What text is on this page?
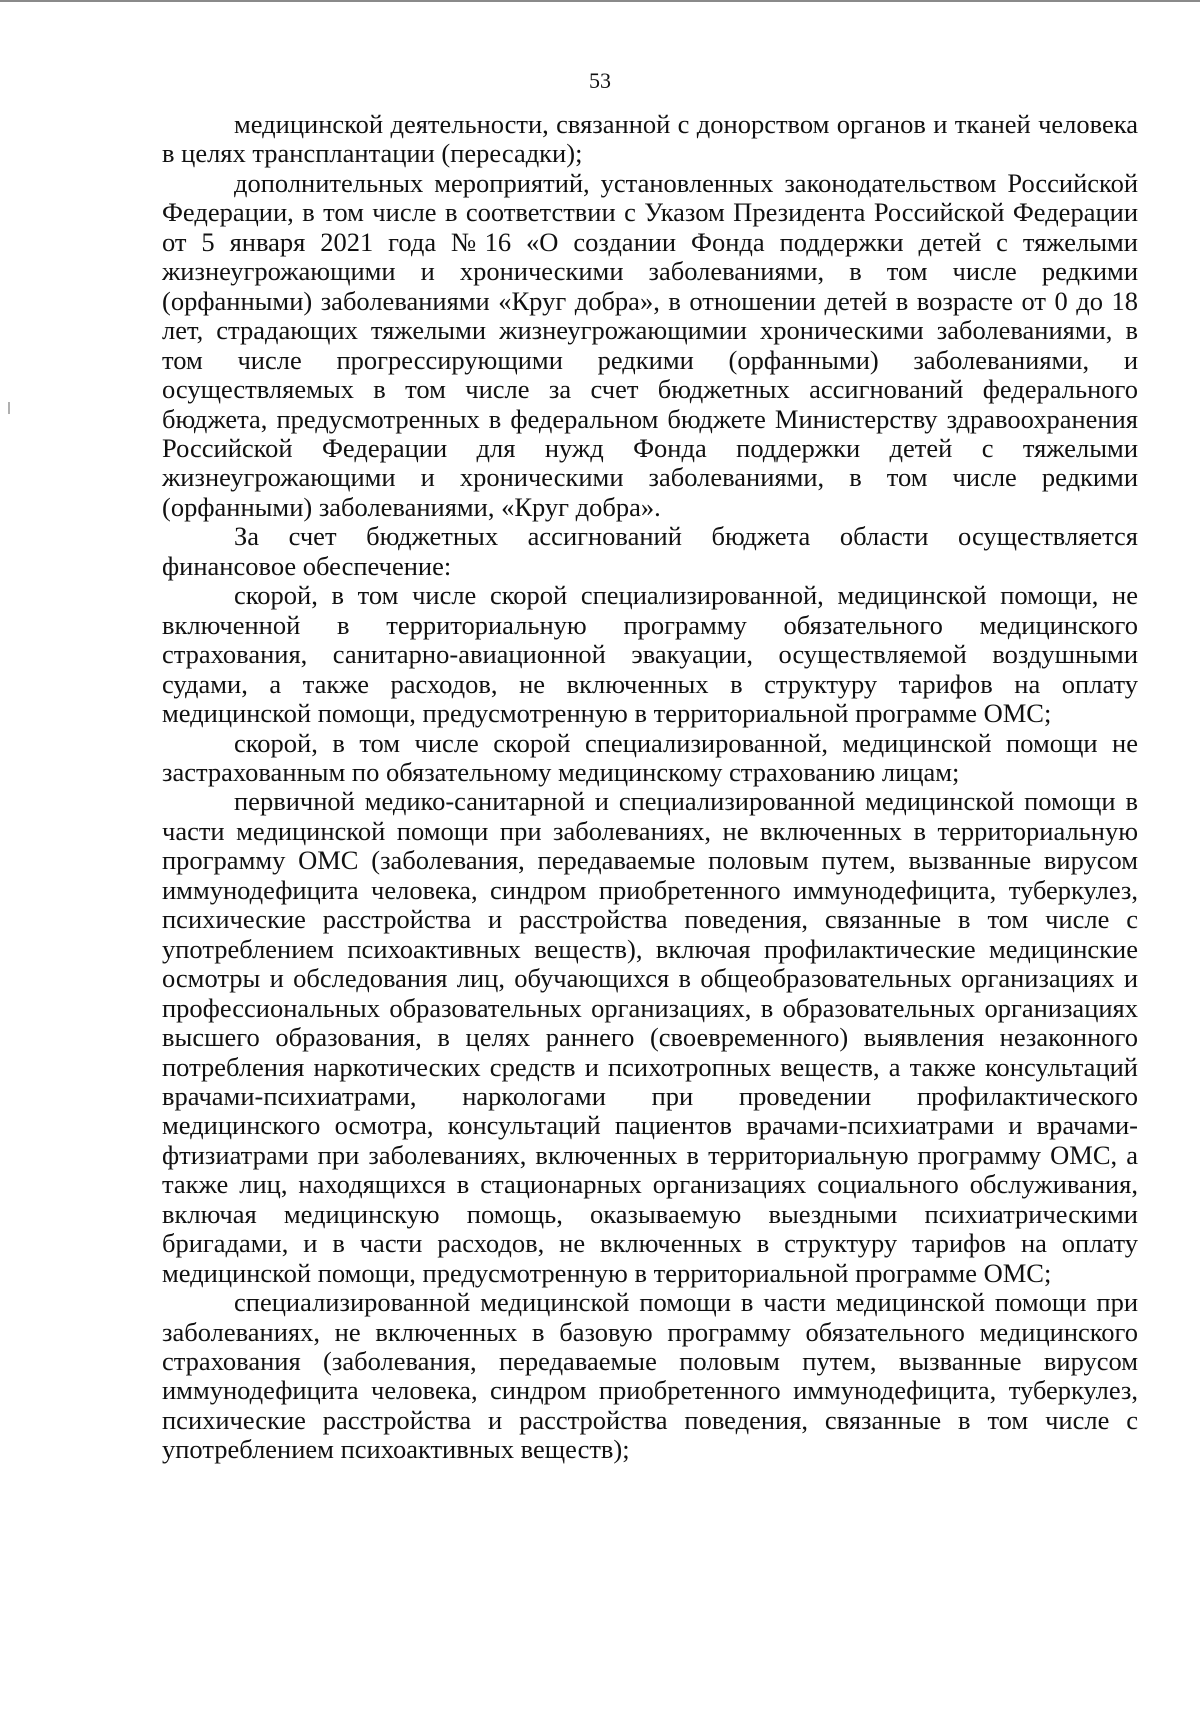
53

медицинской деятельности, связанной с донорством органов и тканей человека в целях трансплантации (пересадки);

дополнительных мероприятий, установленных законодательством Российской Федерации, в том числе в соответствии с Указом Президента Российской Федерации от 5 января 2021 года №16 «О создании Фонда поддержки детей с тяжелыми жизнеугрожающими и хроническими заболеваниями, в том числе редкими (орфанными) заболеваниями «Круг добра», в отношении детей в возрасте от 0 до 18 лет, страдающих тяжелыми жизнеугрожающимии хроническими заболеваниями, в том числе прогрессирующими редкими (орфанными) заболеваниями, и осуществляемых в том числе за счет бюджетных ассигнований федерального бюджета, предусмотренных в федеральном бюджете Министерству здравоохранения Российской Федерации для нужд Фонда поддержки детей с тяжелыми жизнеугрожающими и хроническими заболеваниями, в том числе редкими (орфанными) заболеваниями, «Круг добра».

За счет бюджетных ассигнований бюджета области осуществляется финансовое обеспечение:

скорой, в том числе скорой специализированной, медицинской помощи, не включенной в территориальную программу обязательного медицинского страхования, санитарно-авиационной эвакуации, осуществляемой воздушными судами, а также расходов, не включенных в структуру тарифов на оплату медицинской помощи, предусмотренную в территориальной программе ОМС;

скорой, в том числе скорой специализированной, медицинской помощи не застрахованным по обязательному медицинскому страхованию лицам;

первичной медико-санитарной и специализированной медицинской помощи в части медицинской помощи при заболеваниях, не включенных в территориальную программу ОМС (заболевания, передаваемые половым путем, вызванные вирусом иммунодефицита человека, синдром приобретенного иммунодефицита, туберкулез, психические расстройства и расстройства поведения, связанные в том числе с употреблением психоактивных веществ), включая профилактические медицинские осмотры и обследования лиц, обучающихся в общеобразовательных организациях и профессиональных образовательных организациях, в образовательных организациях высшего образования, в целях раннего (своевременного) выявления незаконного потребления наркотических средств и психотропных веществ, а также консультаций врачами-психиатрами, наркологами при проведении профилактического медицинского осмотра, консультаций пациентов врачами-психиатрами и врачами-фтизиатрами при заболеваниях, включенных в территориальную программу ОМС, а также лиц, находящихся в стационарных организациях социального обслуживания, включая медицинскую помощь, оказываемую выездными психиатрическими бригадами, и в части расходов, не включенных в структуру тарифов на оплату медицинской помощи, предусмотренную в территориальной программе ОМС;

специализированной медицинской помощи в части медицинской помощи при заболеваниях, не включенных в базовую программу обязательного медицинского страхования (заболевания, передаваемые половым путем, вызванные вирусом иммунодефицита человека, синдром приобретенного иммунодефицита, туберкулез, психические расстройства и расстройства поведения, связанные в том числе с употреблением психоактивных веществ);
